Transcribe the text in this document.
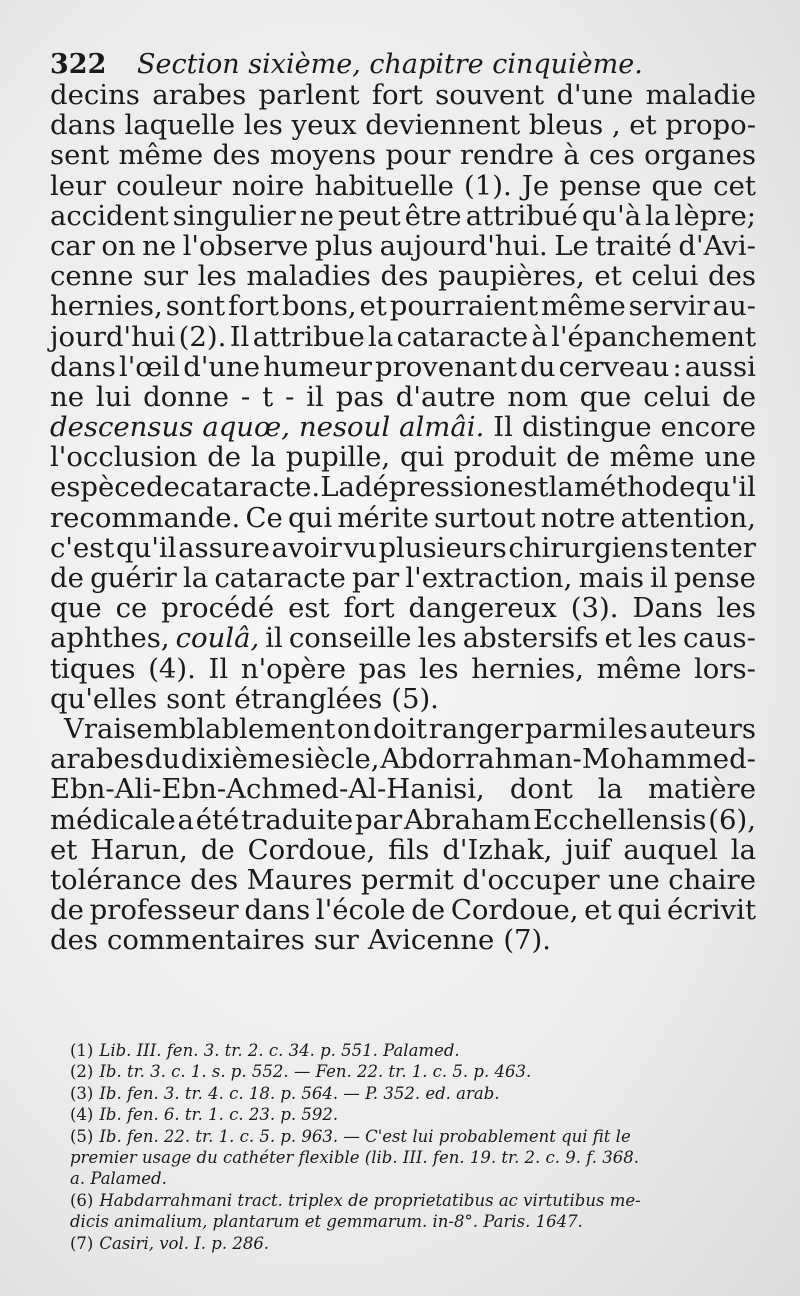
322 Section sixième, chapitre cinquième.
decins arabes parlent fort souvent d'une maladie
dans laquelle les yeux deviennent bleus , et propo-
sent même des moyens pour rendre à ces organes
leur couleur noire habituelle (1). Je pense que cet
accident singulier ne peut être attribué qu'à la lèpre;
car on ne l'observe plus aujourd'hui. Le traité d'Avi-
cenne sur les maladies des paupières, et celui des
hernies, sont fort bons, et pourraient même servir au-
jourd'hui (2). Il attribue la cataracte à l'épanchement
dans l'œil d'une humeur provenant du cerveau : aussi
ne lui donne - t - il pas d'autre nom que celui de
descensus aquœ, nesoul almâi. Il distingue encore
l'occlusion de la pupille, qui produit de même une
espèce de cataracte. La dépression est la méthode qu'il
recommande. Ce qui mérite surtout notre attention,
c'est qu'il assure avoir vu plusieurs chirurgiens tenter
de guérir la cataracte par l'extraction, mais il pense
que ce procédé est fort dangereux (3). Dans les
aphthes, coulâ, il conseille les abstersifs et les caus-
tiques (4). Il n'opère pas les hernies, même lors-
qu'elles sont étranglées (5).
Vraisemblablement on doit ranger parmi les auteurs
arabes du dixième siècle, Abdorrahman-Mohammed-
Ebn-Ali-Ebn-Achmed-Al-Hanisi, dont la matière
médicale a été traduite par Abraham Ecchellensis (6),
et Harun, de Cordoue, fils d'Izhak, juif auquel la
tolérance des Maures permit d'occuper une chaire
de professeur dans l'école de Cordoue, et qui écrivit
des commentaires sur Avicenne (7).
(1) Lib. III. fen. 3. tr. 2. c. 34. p. 551. Palamed.
(2) Ib. tr. 3. c. 1. s. p. 552. — Fen. 22. tr. 1. c. 5. p. 463.
(3) Ib. fen. 3. tr. 4. c. 18. p. 564. — P. 352. ed. arab.
(4) Ib. fen. 6. tr. 1. c. 23. p. 592.
(5) Ib. fen. 22. tr. 1. c. 5. p. 963. — C'est lui probablement qui fit le
premier usage du cathéter flexible (lib. III. fen. 19. tr. 2. c. 9. f. 368.
a. Palamed.
(6) Habdarrahmani tract. triplex de proprietatibus ac virtutibus me-
dicis animalium, plantarum et gemmarum. in-8°. Paris. 1647.
(7) Casiri, vol. I. p. 286.
